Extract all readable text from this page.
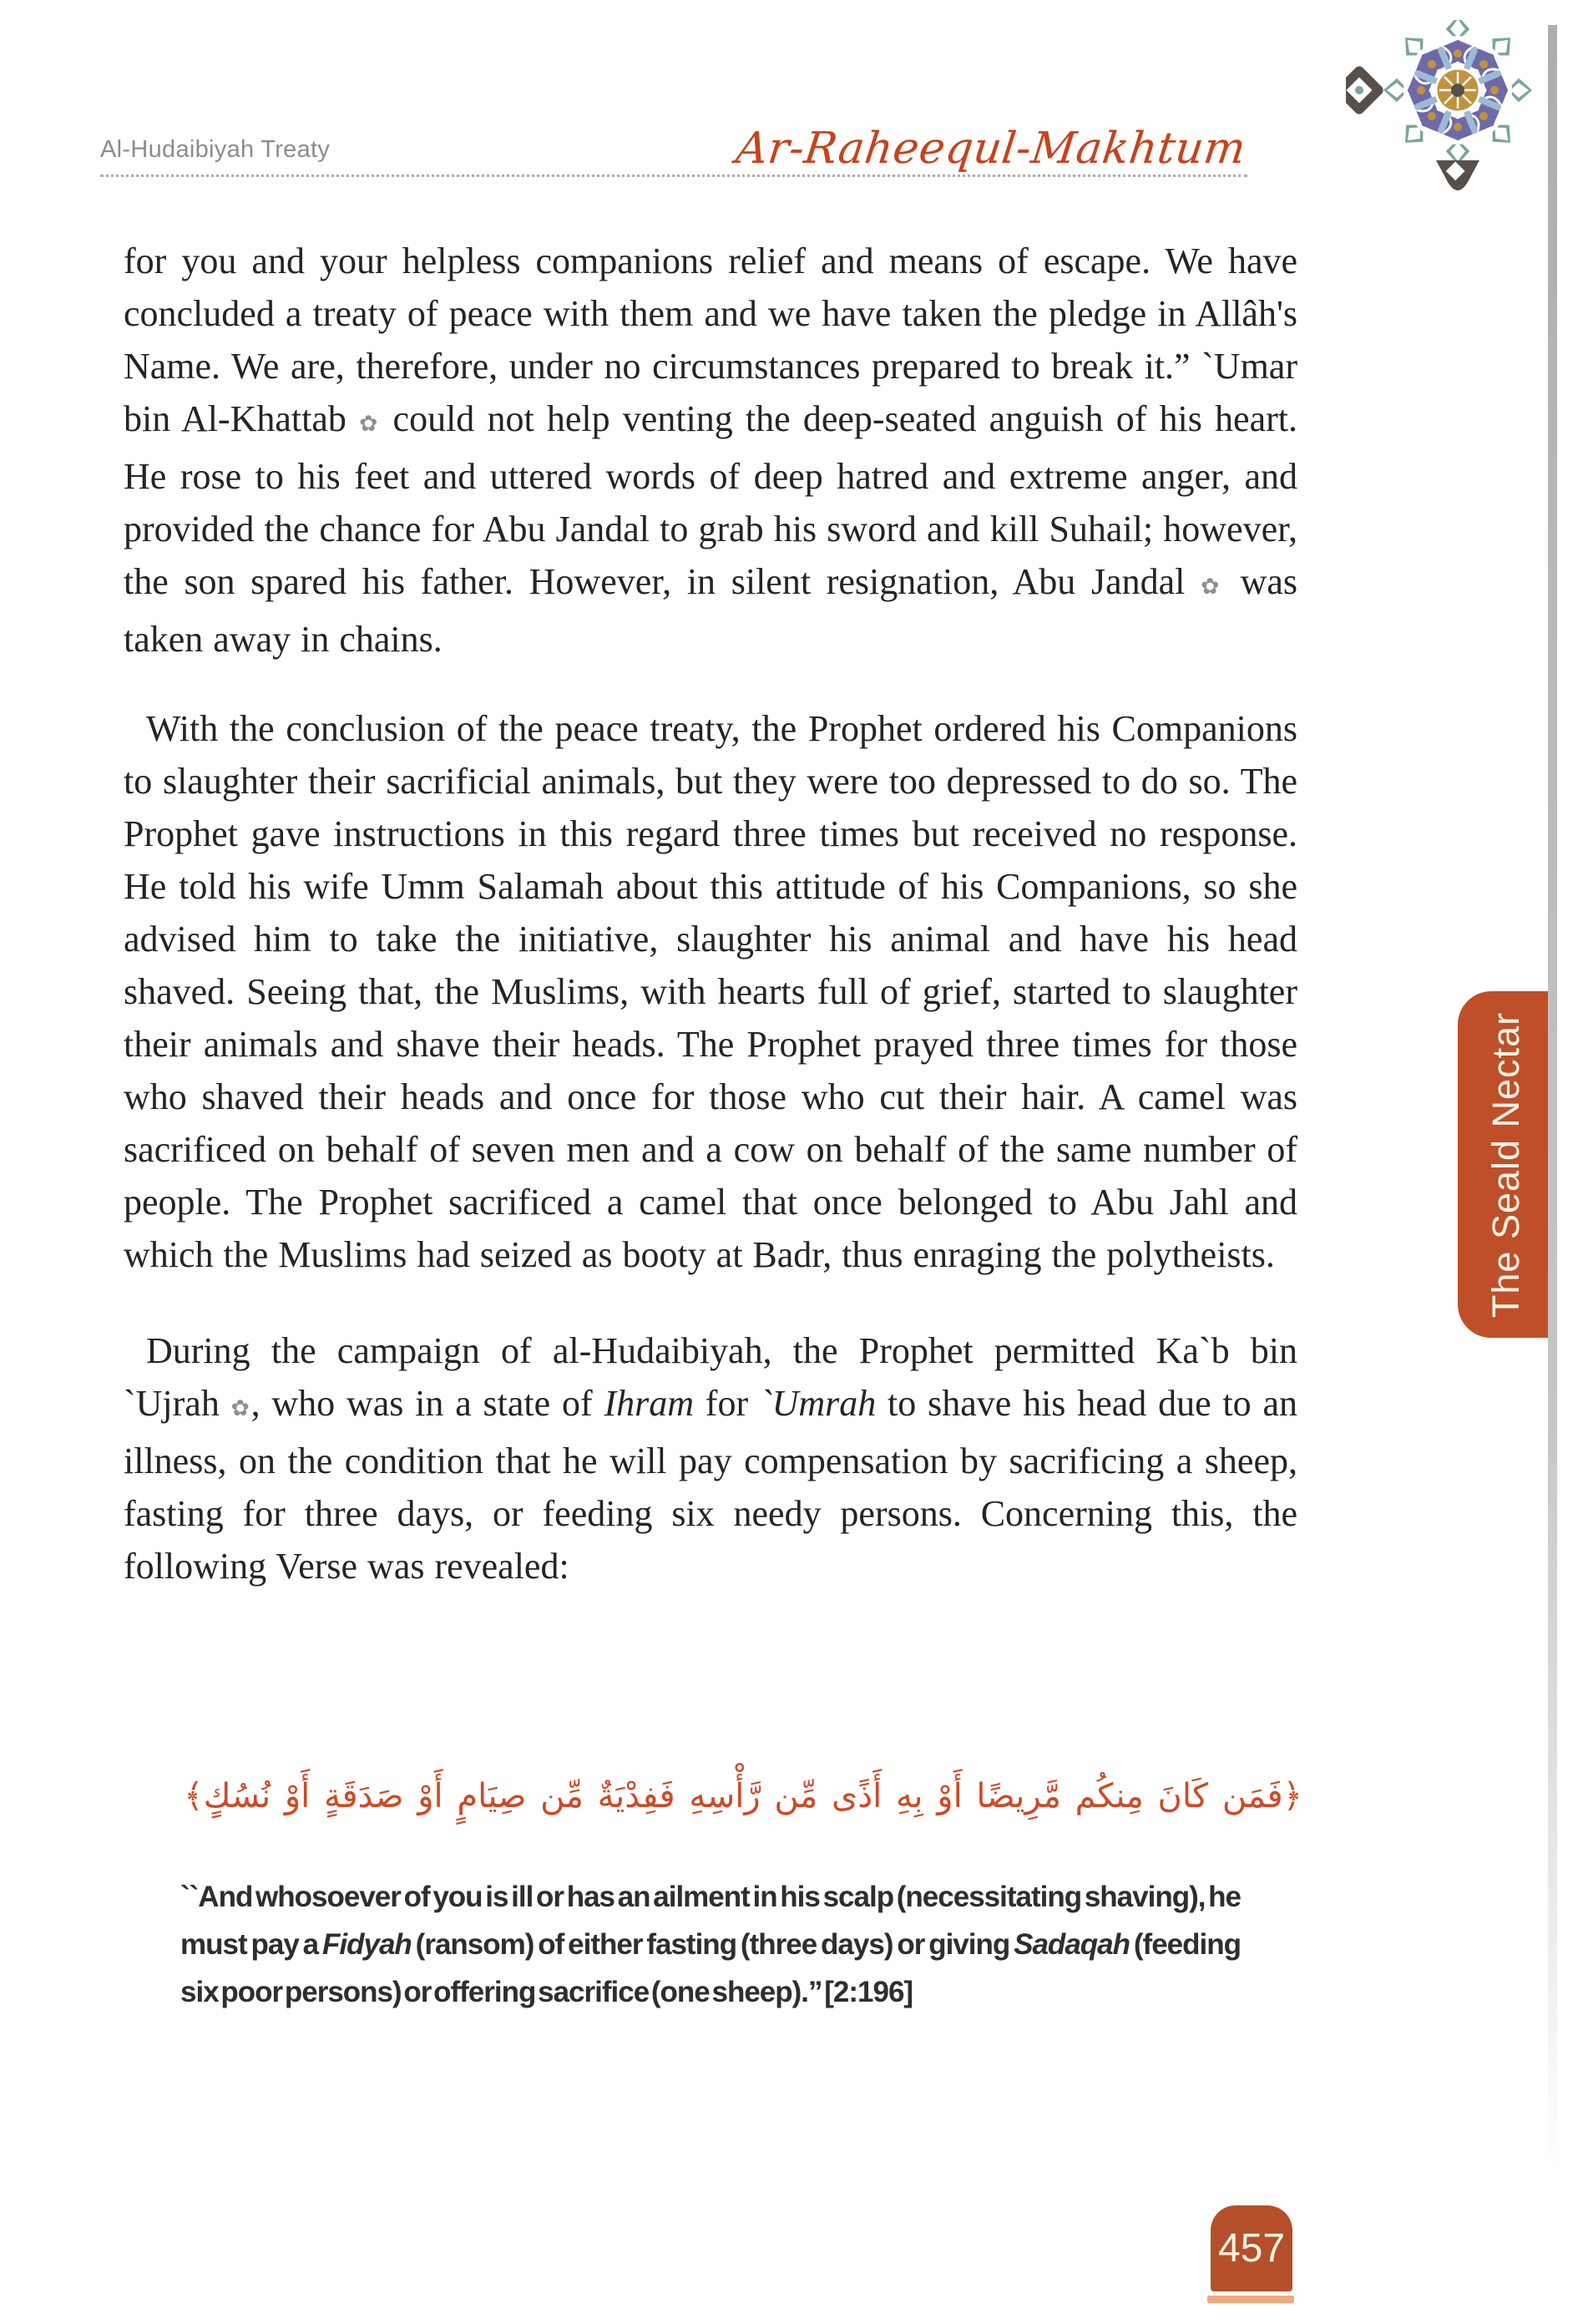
Al-Hudaibiyah Treaty	Ar-Raheequl-Makhtum
The Seald Nectar

for you and your helpless companions relief and means of escape. We have concluded a treaty of peace with them and we have taken the pledge in Allâh's Name. We are, therefore, under no circumstances prepared to break it.” `Umar bin Al-Khattab ✿ could not help venting the deep-seated anguish of his heart. He rose to his feet and uttered words of deep hatred and extreme anger, and provided the chance for Abu Jandal to grab his sword and kill Suhail; however, the son spared his father. However, in silent resignation, Abu Jandal ✿ was taken away in chains.

With the conclusion of the peace treaty, the Prophet ordered his Companions to slaughter their sacrificial animals, but they were too depressed to do so. The Prophet gave instructions in this regard three times but received no response. He told his wife Umm Salamah about this attitude of his Companions, so she advised him to take the initiative, slaughter his animal and have his head shaved. Seeing that, the Muslims, with hearts full of grief, started to slaughter their animals and shave their heads. The Prophet prayed three times for those who shaved their heads and once for those who cut their hair. A camel was sacrificed on behalf of seven men and a cow on behalf of the same number of people. The Prophet sacrificed a camel that once belonged to Abu Jahl and which the Muslims had seized as booty at Badr, thus enraging the polytheists.

During the campaign of al-Hudaibiyah, the Prophet permitted Ka`b bin `Ujrah ✿, who was in a state of Ihram for `Umrah to shave his head due to an illness, on the condition that he will pay compensation by sacrificing a sheep, fasting for three days, or feeding six needy persons. Concerning this, the following Verse was revealed:

﴿فَمَن كَانَ مِنكُم مَّرِيضًا أَوْ بِهِ أَذًى مِّن رَّأْسِهِ فَفِدْيَةٌ مِّن صِيَامٍ أَوْ صَدَقَةٍ أَوْ نُسُكٍ﴾
``And whosoever of you is ill or has an ailment in his scalp (necessitating shaving), he must pay a Fidyah (ransom) of either fasting (three days) or giving Sadaqah (feeding six poor persons) or offering sacrifice (one sheep).” [2:196]
457
